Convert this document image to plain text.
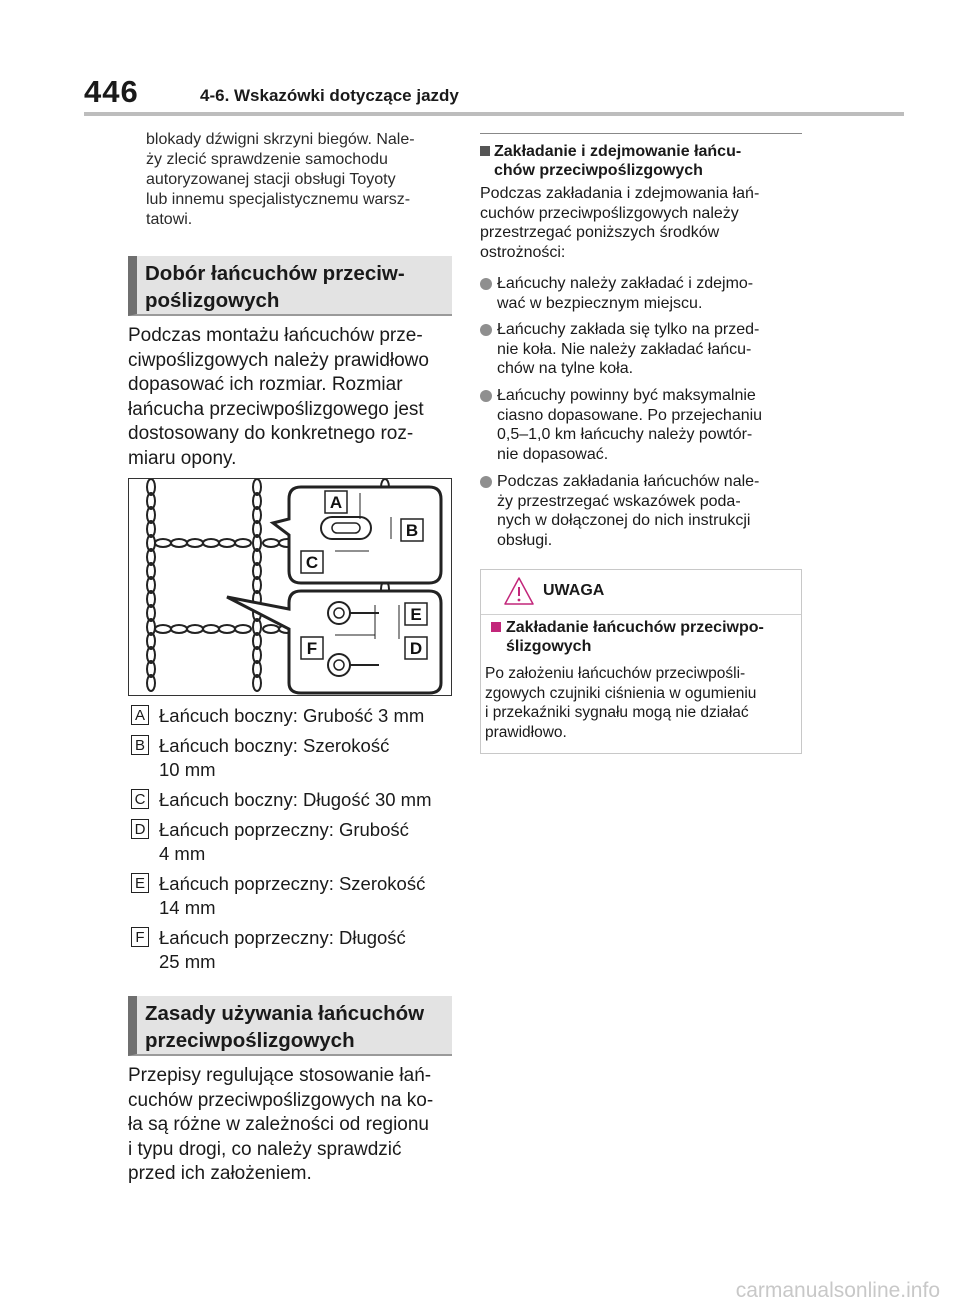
446	4-6. Wskazówki dotyczące jazdy
blokady dźwigni skrzyni biegów. Nale-
ży zlecić sprawdzenie samochodu
autoryzowanej stacji obsługi Toyoty
lub innemu specjalistycznemu warsz-
tatowi.
Dobór łańcuchów przeciw-
poślizgowych
Podczas montażu łańcuchów prze-
ciwpoślizgowych należy prawidłowo
dopasować ich rozmiar. Rozmiar
łańcucha przeciwpoślizgowego jest
dostosowany do konkretnego roz-
miaru opony.
A
B
C
E
F	D
A Łańcuch boczny: Grubość 3 mm
B Łańcuch boczny: Szerokość
10 mm
C Łańcuch boczny: Długość 30 mm
D Łańcuch poprzeczny: Grubość
4 mm
E Łańcuch poprzeczny: Szerokość
14 mm
F Łańcuch poprzeczny: Długość
25 mm
Zasady używania łańcuchów
przeciwpoślizgowych
Przepisy regulujące stosowanie łań-
cuchów przeciwpoślizgowych na ko-
ła są różne w zależności od regionu
i typu drogi, co należy sprawdzić
przed ich założeniem.
Zakładanie i zdejmowanie łańcu-
chów przeciwpoślizgowych
Podczas zakładania i zdejmowania łań-
cuchów przeciwpoślizgowych należy
przestrzegać poniższych środków
ostrożności:
Łańcuchy należy zakładać i zdejmo-
wać w bezpiecznym miejscu.
Łańcuchy zakłada się tylko na przed-
nie koła. Nie należy zakładać łańcu-
chów na tylne koła.
Łańcuchy powinny być maksymalnie
ciasno dopasowane. Po przejechaniu
0,5–1,0 km łańcuchy należy powtór-
nie dopasować.
Podczas zakładania łańcuchów nale-
ży przestrzegać wskazówek poda-
nych w dołączonej do nich instrukcji
obsługi.
UWAGA
Zakładanie łańcuchów przeciwpo-
ślizgowych
Po założeniu łańcuchów przeciwpośli-
zgowych czujniki ciśnienia w ogumieniu
i przekaźniki sygnału mogą nie działać
prawidłowo.
carmanualsonline.info
